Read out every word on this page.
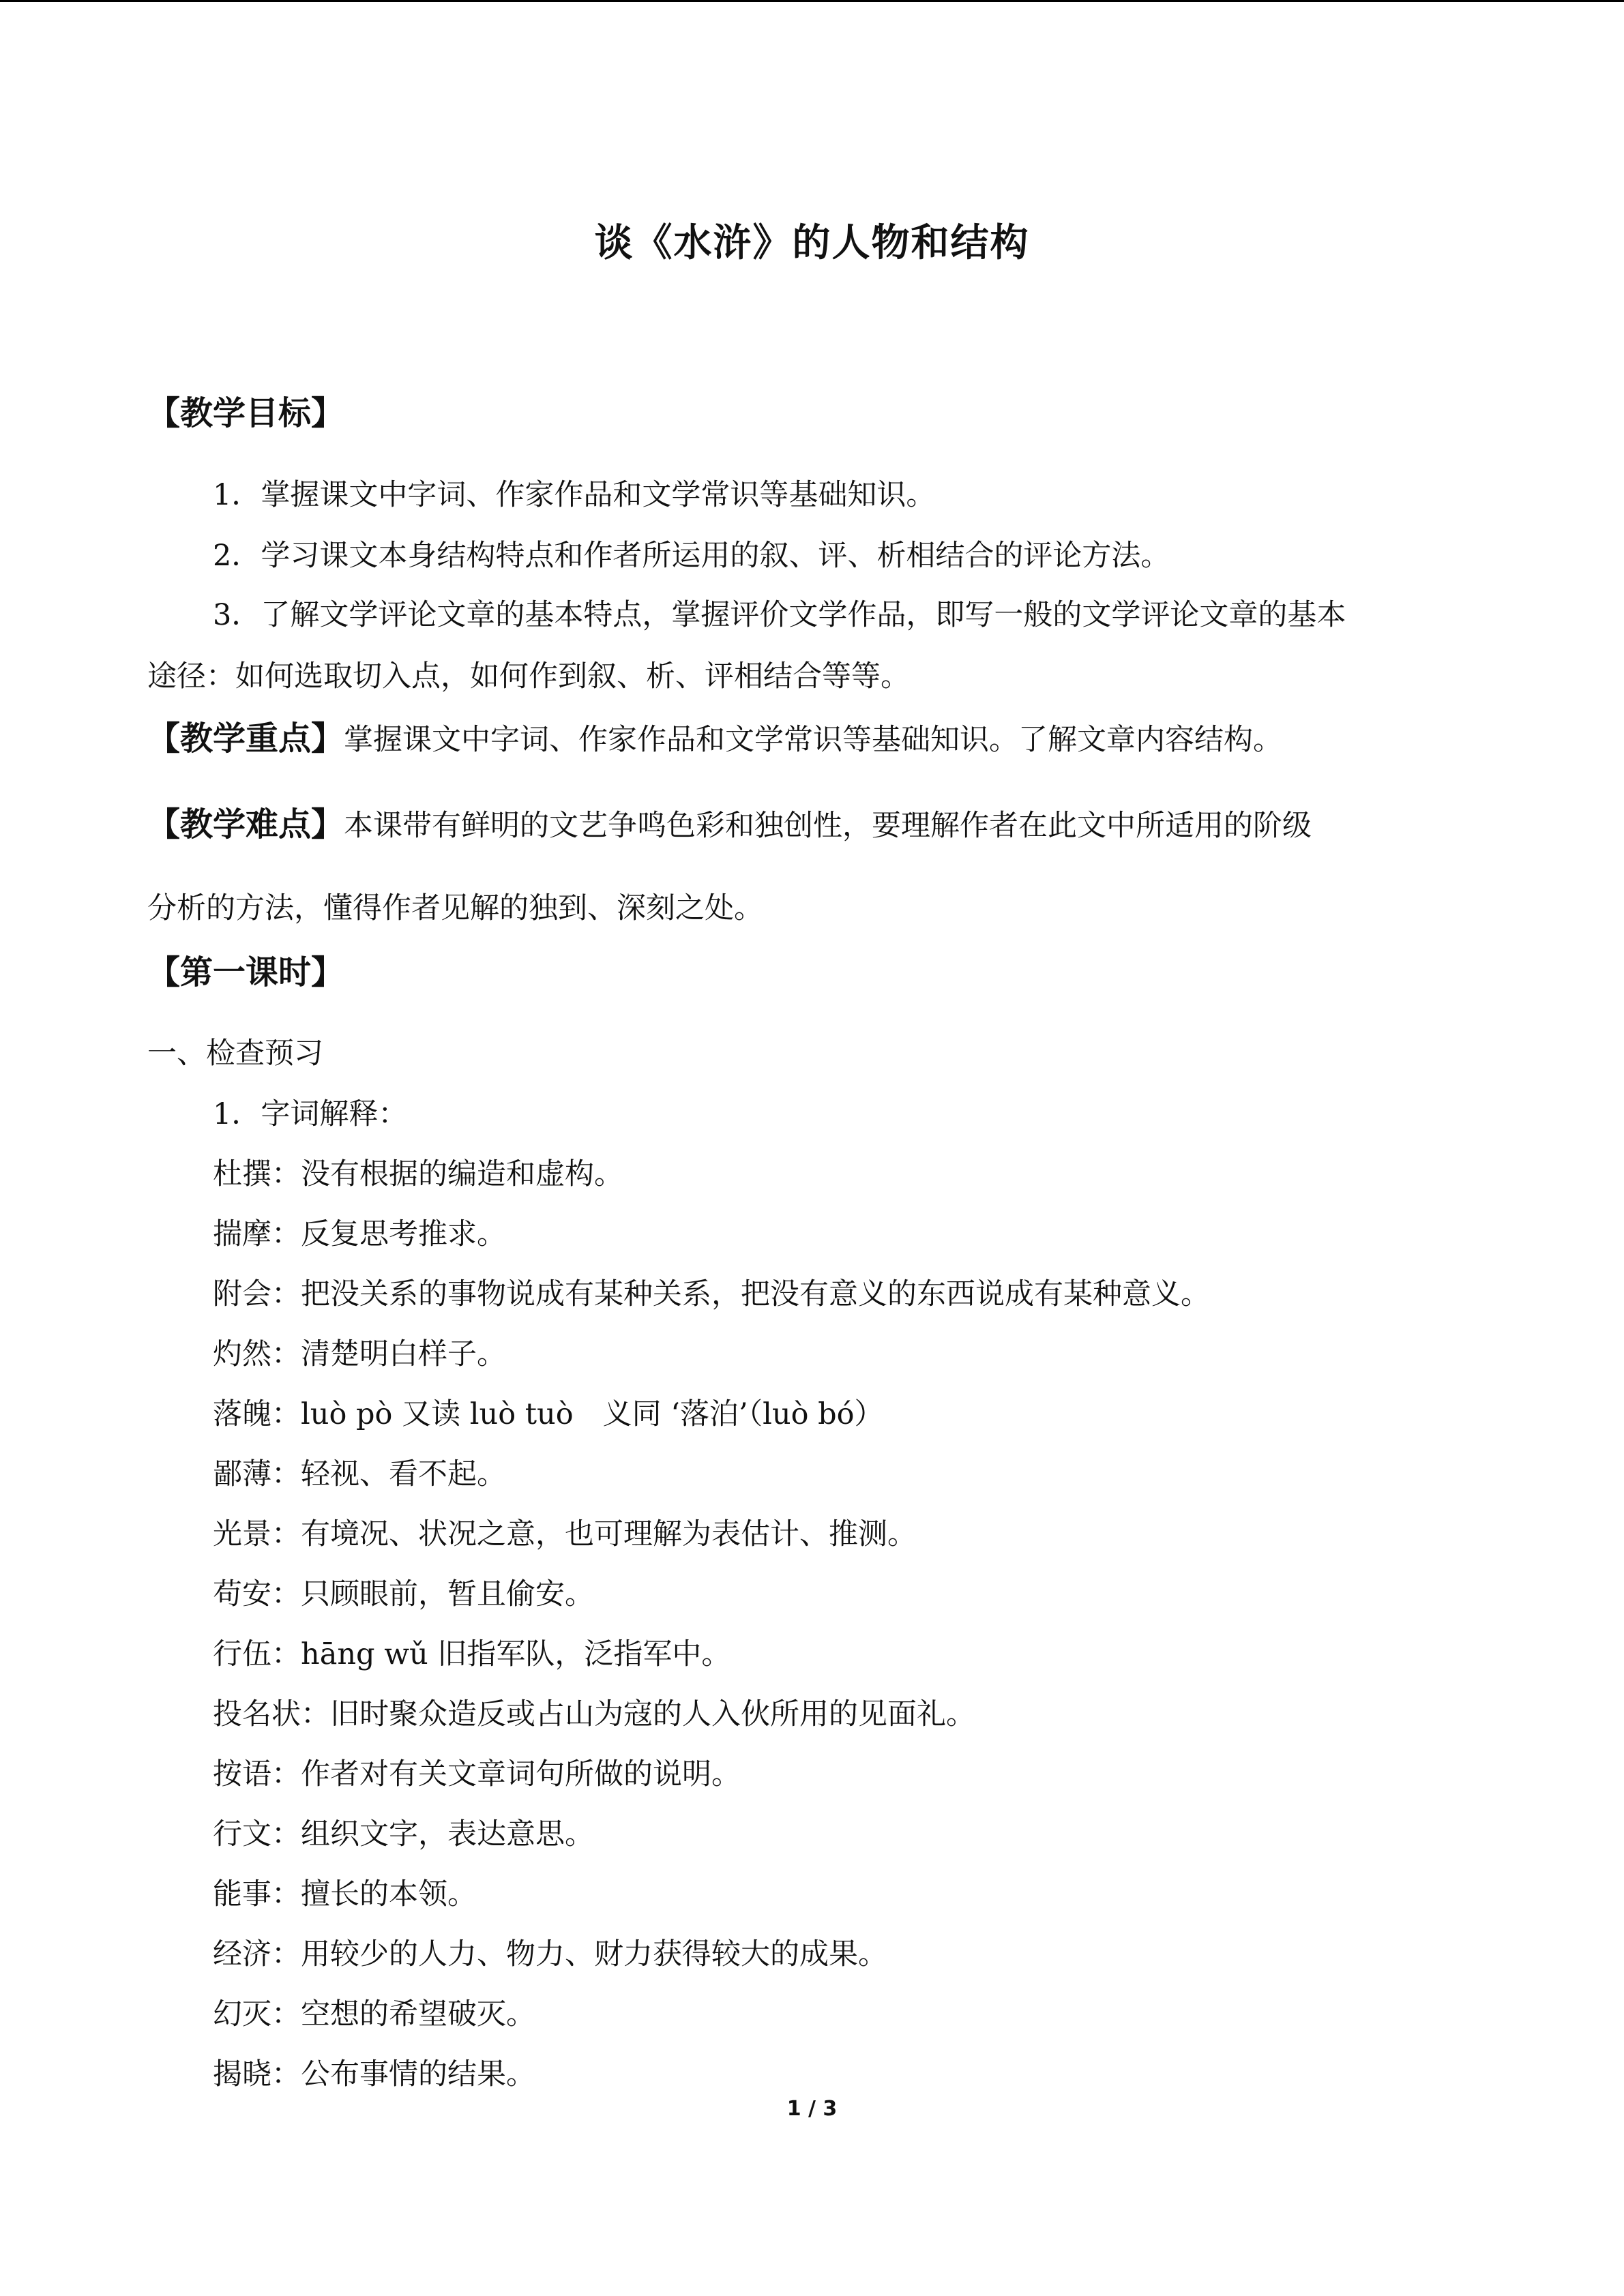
谈《水浒》的人物和结构
【教学目标】
1．掌握课文中字词、作家作品和文学常识等基础知识。
2．学习课文本身结构特点和作者所运用的叙、评、析相结合的评论方法。
3．了解文学评论文章的基本特点，掌握评价文学作品，即写一般的文学评论文章的基本
途径：如何选取切入点，如何作到叙、析、评相结合等等。
【教学重点】掌握课文中字词、作家作品和文学常识等基础知识。了解文章内容结构。
【教学难点】本课带有鲜明的文艺争鸣色彩和独创性，要理解作者在此文中所适用的阶级
分析的方法，懂得作者见解的独到、深刻之处。
【第一课时】
一、检查预习
1．字词解释：
杜撰：没有根据的编造和虚构。
揣摩：反复思考推求。
附会：把没关系的事物说成有某种关系，把没有意义的东西说成有某种意义。
灼然：清楚明白样子。
落魄：luò pò 又读 luò tuò　义同 ‘落泊’（luò bó）
鄙薄：轻视、看不起。
光景：有境况、状况之意，也可理解为表估计、推测。
苟安：只顾眼前，暂且偷安。
行伍：hāng wǔ 旧指军队，泛指军中。
投名状：旧时聚众造反或占山为寇的人入伙所用的见面礼。
按语：作者对有关文章词句所做的说明。
行文：组织文字，表达意思。
能事：擅长的本领。
经济：用较少的人力、物力、财力获得较大的成果。
幻灭：空想的希望破灭。
揭晓：公布事情的结果。
1 / 3
